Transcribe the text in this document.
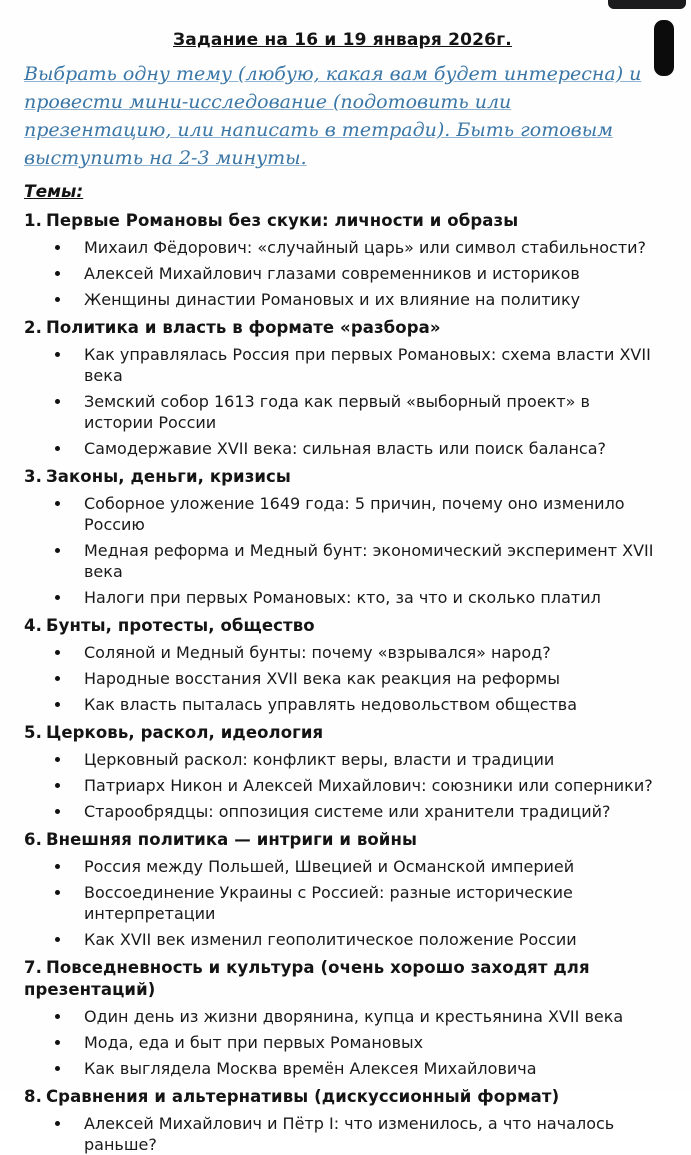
Задание на 16 и 19 января 2026г.
Выбрать одну тему (любую, какая вам будет интересна) и провести мини-исследование (подотовить или презентацию, или написать в тетради). Быть готовым выступить на 2-3 минуты.
Темы:
1. Первые Романовы без скуки: личности и образы
Михаил Фёдорович: «случайный царь» или символ стабильности?
Алексей Михайлович глазами современников и историков
Женщины династии Романовых и их влияние на политику
2. Политика и власть в формате «разбора»
Как управлялась Россия при первых Романовых: схема власти XVII века
Земский собор 1613 года как первый «выборный проект» в истории России
Самодержавие XVII века: сильная власть или поиск баланса?
3. Законы, деньги, кризисы
Соборное уложение 1649 года: 5 причин, почему оно изменило Россию
Медная реформа и Медный бунт: экономический эксперимент XVII века
Налоги при первых Романовых: кто, за что и сколько платил
4. Бунты, протесты, общество
Соляной и Медный бунты: почему «взрывался» народ?
Народные восстания XVII века как реакция на реформы
Как власть пыталась управлять недовольством общества
5. Церковь, раскол, идеология
Церковный раскол: конфликт веры, власти и традиции
Патриарх Никон и Алексей Михайлович: союзники или соперники?
Старообрядцы: оппозиция системе или хранители традиций?
6. Внешняя политика — интриги и войны
Россия между Польшей, Швецией и Османской империей
Воссоединение Украины с Россией: разные исторические интерпретации
Как XVII век изменил геополитическое положение России
7. Повседневность и культура (очень хорошо заходят для презентаций)
Один день из жизни дворянина, купца и крестьянина XVII века
Мода, еда и быт при первых Романовых
Как выглядела Москва времён Алексея Михайловича
8. Сравнения и альтернативы (дискуссионный формат)
Алексей Михайлович и Пётр I: что изменилось, а что началось раньше?
